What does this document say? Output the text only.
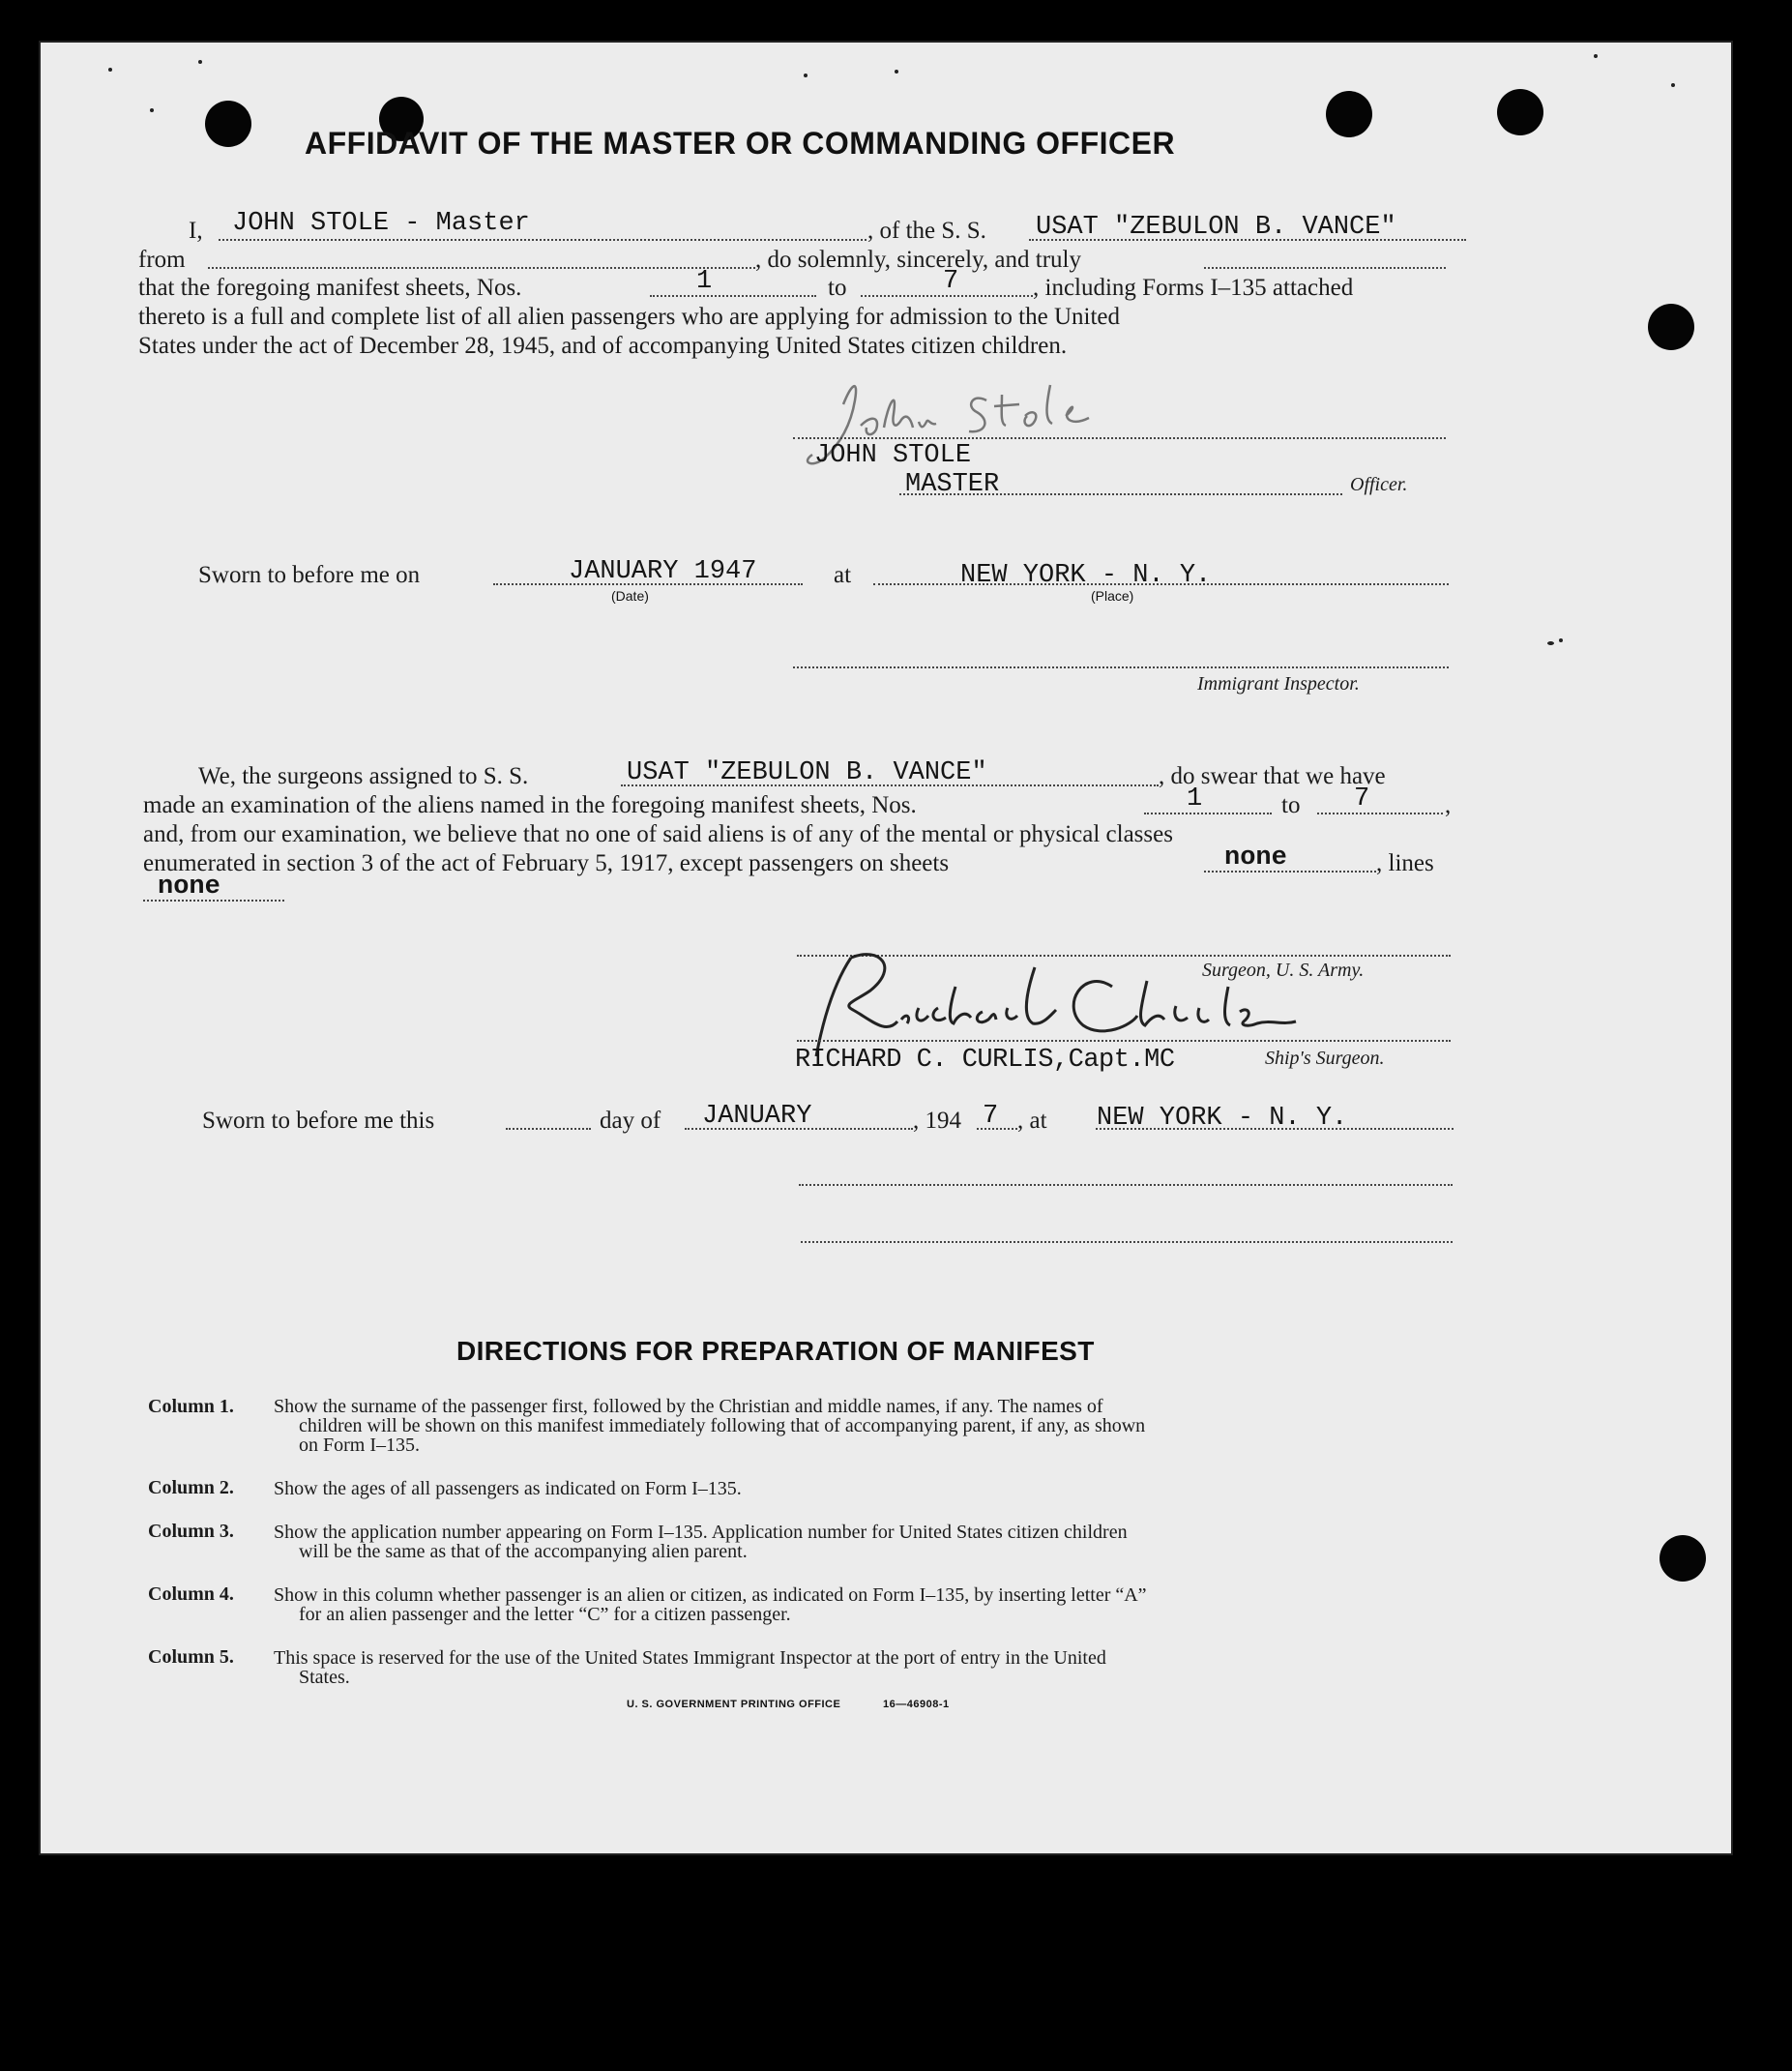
AFFIDAVIT OF THE MASTER OR COMMANDING OFFICER
I, JOHN STOLE - Master	, of the S. S. USAT "ZEBULON B. VANCE"
from	, do solemnly, sincerely, and truly
that the foregoing manifest sheets, Nos.	1	to	7	, including Forms I–135 attached
thereto is a full and complete list of all alien passengers who are applying for admission to the United
States under the act of December 28, 1945, and of accompanying United States citizen children.
JOHN STOLE
MASTER	Officer.
Sworn to before me on	JANUARY 1947
(Date)
at	NEW YORK - N. Y.
(Place)
Immigrant Inspector.
We, the surgeons assigned to S. S.	USAT "ZEBULON B. VANCE"	, do swear that we have
made an examination of the aliens named in the foregoing manifest sheets, Nos.	1	to 7	,
and, from our examination, we believe that no one of said aliens is of any of the mental or physical classes
enumerated in section 3 of the act of February 5, 1917, except passengers on sheets	none	, lines
none
Surgeon, U. S. Army.
RICHARD C. CURLIS,Capt.MC	Ship's Surgeon.
Sworn to before me this	day of JANUARY	, 194 7 , at NEW YORK - N. Y.
DIRECTIONS FOR PREPARATION OF MANIFEST
Column 1. Show the surname of the passenger first, followed by the Christian and middle names, if any. The names of
children will be shown on this manifest immediately following that of accompanying parent, if any, as shown
on Form I–135.
Column 2. Show the ages of all passengers as indicated on Form I–135.
Column 3. Show the application number appearing on Form I–135. Application number for United States citizen children
will be the same as that of the accompanying alien parent.
Column 4. Show in this column whether passenger is an alien or citizen, as indicated on Form I–135, by inserting letter “A”
for an alien passenger and the letter “C” for a citizen passenger.
Column 5. This space is reserved for the use of the United States Immigrant Inspector at the port of entry in the United
States.
U. S. GOVERNMENT PRINTING OFFICE	16—46908-1
